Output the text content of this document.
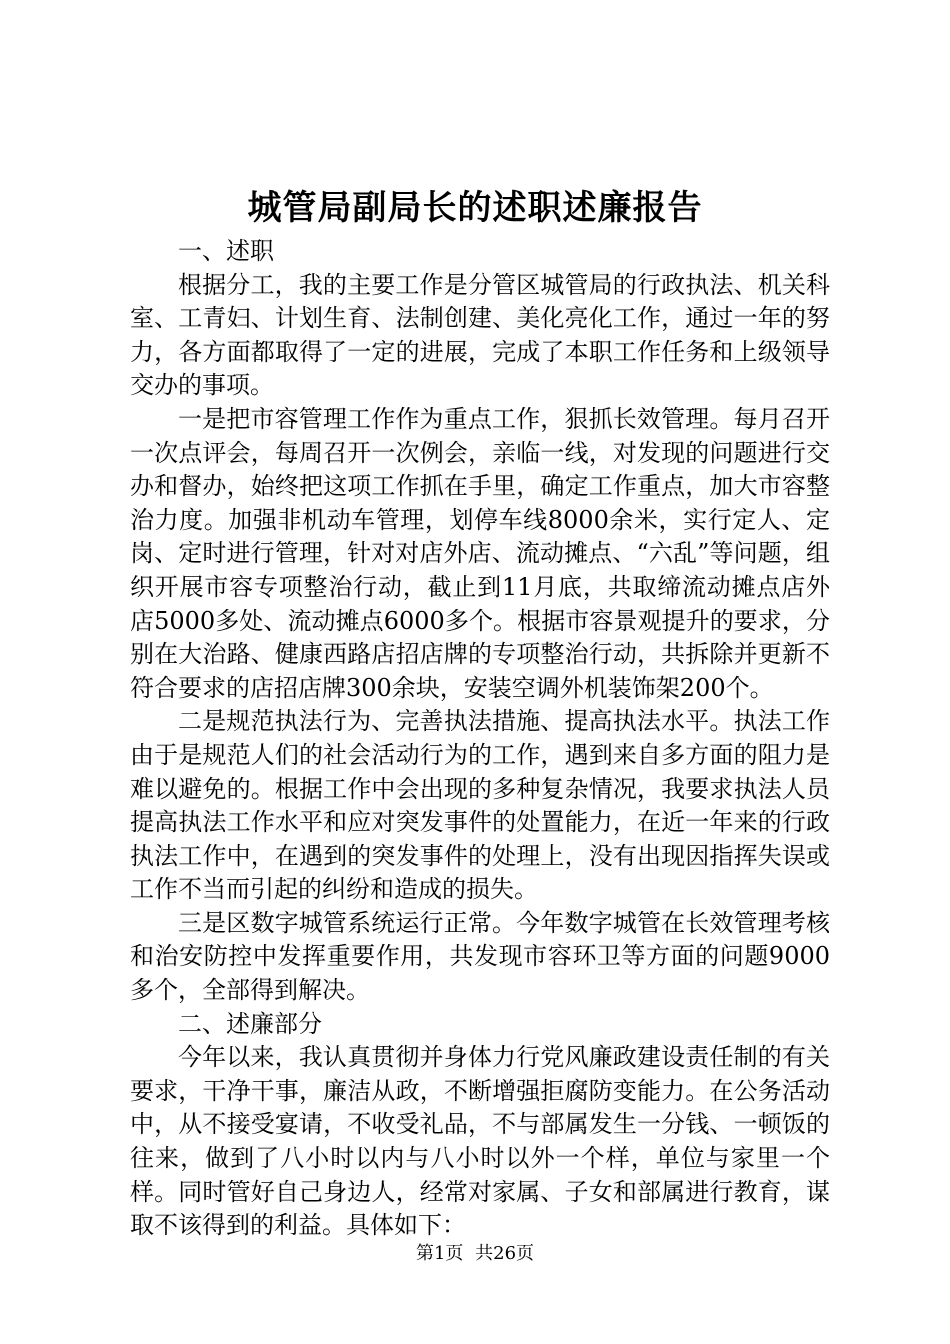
城管局副局长的述职述廉报告

一、述职

根据分工，我的主要工作是分管区城管局的行政执法、机关科室、工青妇、计划生育、法制创建、美化亮化工作，通过一年的努力，各方面都取得了一定的进展，完成了本职工作任务和上级领导交办的事项。

一是把市容管理工作作为重点工作，狠抓长效管理。每月召开一次点评会，每周召开一次例会，亲临一线，对发现的问题进行交办和督办，始终把这项工作抓在手里，确定工作重点，加大市容整治力度。加强非机动车管理，划停车线8000余米，实行定人、定岗、定时进行管理，针对对店外店、流动摊点、“六乱”等问题，组织开展市容专项整治行动，截止到11月底，共取缔流动摊点店外店5000多处、流动摊点6000多个。根据市容景观提升的要求，分别在大治路、健康西路店招店牌的专项整治行动，共拆除并更新不符合要求的店招店牌300余块，安装空调外机装饰架200个。

二是规范执法行为、完善执法措施、提高执法水平。执法工作由于是规范人们的社会活动行为的工作，遇到来自多方面的阻力是难以避免的。根据工作中会出现的多种复杂情况，我要求执法人员提高执法工作水平和应对突发事件的处置能力，在近一年来的行政执法工作中，在遇到的突发事件的处理上，没有出现因指挥失误或工作不当而引起的纠纷和造成的损失。

三是区数字城管系统运行正常。今年数字城管在长效管理考核和治安防控中发挥重要作用，共发现市容环卫等方面的问题9000多个，全部得到解决。

二、述廉部分

今年以来，我认真贯彻并身体力行党风廉政建设责任制的有关要求，干净干事，廉洁从政，不断增强拒腐防变能力。在公务活动中，从不接受宴请，不收受礼品，不与部属发生一分钱、一顿饭的往来，做到了八小时以内与八小时以外一个样，单位与家里一个样。同时管好自己身边人，经常对家属、子女和部属进行教育，谋取不该得到的利益。具体如下：

第1页 共26页
